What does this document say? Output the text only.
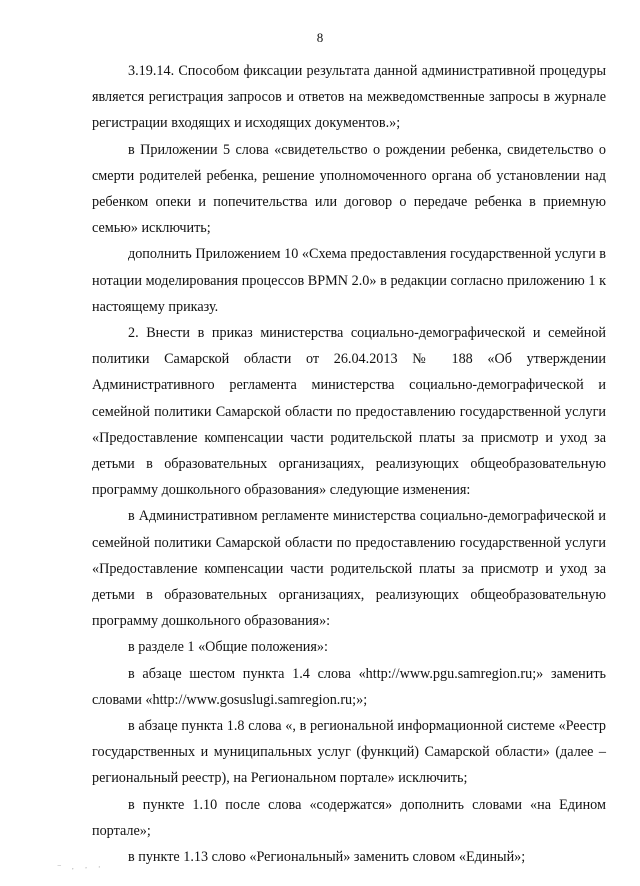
8

3.19.14. Способом фиксации результата данной административной процедуры является регистрация запросов и ответов на межведомственные запросы в журнале регистрации входящих и исходящих документов.»;

в Приложении 5 слова «свидетельство о рождении ребенка, свидетельство о смерти родителей ребенка, решение уполномоченного органа об установлении над ребенком опеки и попечительства или договор о передаче ребенка в приемную семью» исключить;

дополнить Приложением 10 «Схема предоставления государственной услуги в нотации моделирования процессов BPMN 2.0» в редакции согласно приложению 1 к настоящему приказу.

2. Внести в приказ министерства социально-демографической и семейной политики Самарской области от 26.04.2013 № 188 «Об утверждении Административного регламента министерства социально-демографической и семейной политики Самарской области по предоставлению государственной услуги «Предоставление компенсации части родительской платы за присмотр и уход за детьми в образовательных организациях, реализующих общеобразовательную программу дошкольного образования» следующие изменения:

в Административном регламенте министерства социально-демографической и семейной политики Самарской области по предоставлению государственной услуги «Предоставление компенсации части родительской платы за присмотр и уход за детьми в образовательных организациях, реализующих общеобразовательную программу дошкольного образования»:

в разделе 1 «Общие положения»:

в абзаце шестом пункта 1.4 слова «http://www.pgu.samregion.ru;» заменить словами «http://www.gosuslugi.samregion.ru;»;

в абзаце пункта 1.8 слова «, в региональной информационной системе «Реестр государственных и муниципальных услуг (функций) Самарской области» (далее – региональный реестр), на Региональном портале» исключить;

в пункте 1.10 после слова «содержатся» дополнить словами «на Едином портале»;

в пункте 1.13 слово «Региональный» заменить словом «Единый»;

‾ · · ·
